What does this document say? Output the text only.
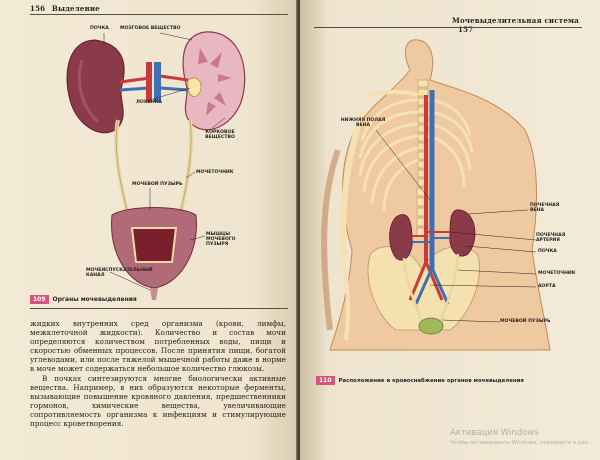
156 Выделение
ПОЧКА МОЗГОВОЕ ВЕЩЕСТВО
ЛОХАНКА
КОРКОВОЕ ВЕЩЕСТВО
МОЧЕТОЧНИК
МОЧЕВОЙ ПУЗЫРЬ
МЫШЦЫ МОЧЕВОГО ПУЗЫРЯ
МОЧЕИСПУСКАТЕЛЬНЫЙ КАНАЛ
109	Органы мочевыделения

жидких внутренних сред организма (крови, лимфы, межклеточной жидкости). Количество и состав мочи определяются количеством потребленных воды, пищи и скоростью обменных процессов. После принятия пищи, богатой углеводами, или после тяжелой мышечной работы даже в норме в моче может содержаться небольшое количество глюкозы.

В почках синтезируются многие биологически активные вещества. Например, в них образуются некоторые ферменты, вызывающие повышение кровяного давления, предшественники гормонов, химические вещества, увеличивающие сопротивляемость организма к инфекциям и стимулирующие процесс кроветворения.

Мочевыделительная система 157
НИЖНЯЯ ПОЛАЯ ВЕНА
ПОЧЕЧНАЯ ВЕНА
ПОЧЕЧНАЯ АРТЕРИЯ
ПОЧКА
МОЧЕТОЧНИК
АОРТА
МОЧЕВОЙ ПУЗЫРЬ
110	Расположение и кровоснабжение органов мочевыделения
Активация Windows
Чтобы активировать Windows, перейдите в раз...
